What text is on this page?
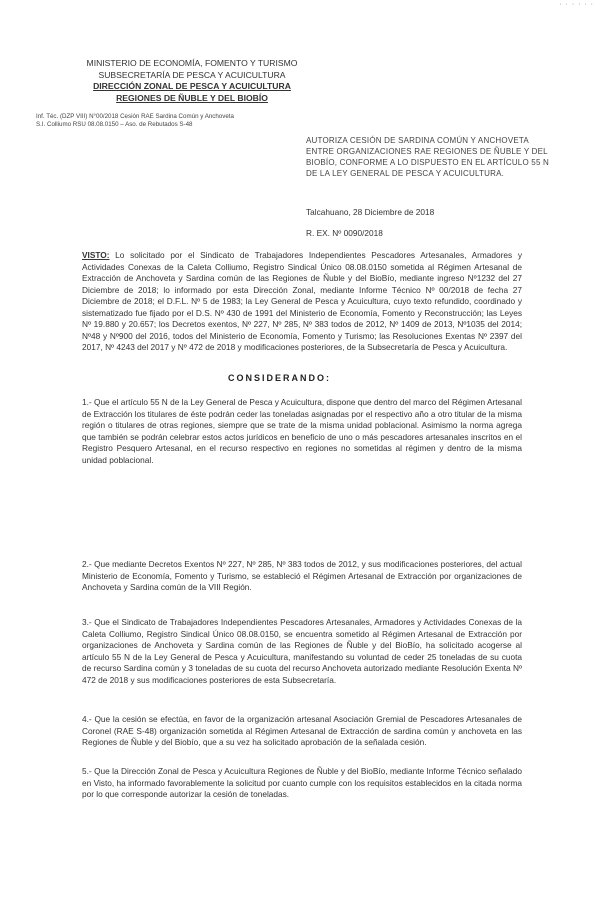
· · · · · ·
MINISTERIO DE ECONOMÍA, FOMENTO Y TURISMO
SUBSECRETARÍA DE PESCA Y ACUICULTURA
DIRECCIÓN ZONAL DE PESCA Y ACUICULTURA
REGIONES DE ÑUBLE Y DEL BIOBÍO
Inf. Téc. (DZP VIII) N°00/2018 Cesión RAE Sardina Común y Anchoveta
S.I. Colliumo RSU 08.08.0150 – Aso. de Rebutados S-48
AUTORIZA CESIÓN DE SARDINA COMÚN Y ANCHOVETA ENTRE ORGANIZACIONES RAE REGIONES DE ÑUBLE Y DEL BIOBÍO, CONFORME A LO DISPUESTO EN EL ARTÍCULO 55 N DE LA LEY GENERAL DE PESCA Y ACUICULTURA.
Talcahuano, 28 Diciembre de 2018
R. EX. Nº 0090/2018
VISTO: Lo solicitado por el Sindicato de Trabajadores Independientes Pescadores Artesanales, Armadores y Actividades Conexas de la Caleta Colliumo, Registro Sindical Único 08.08.0150 sometida al Régimen Artesanal de Extracción de Anchoveta y Sardina común de las Regiones de Ñuble y del BioBío, mediante ingreso Nº1232 del 27 Diciembre de 2018; lo informado por esta Dirección Zonal, mediante Informe Técnico Nº 00/2018 de fecha 27 Diciembre de 2018; el D.F.L. Nº 5 de 1983; la Ley General de Pesca y Acuicultura, cuyo texto refundido, coordinado y sistematizado fue fijado por el D.S. Nº 430 de 1991 del Ministerio de Economía, Fomento y Reconstrucción; las Leyes Nº 19.880 y 20.657; los Decretos exentos, Nº 227, Nº 285, Nº 383 todos de 2012, Nº 1409 de 2013, Nº1035 del 2014; Nº48 y Nº900 del 2016, todos del Ministerio de Economía, Fomento y Turismo; las Resoluciones Exentas Nº 2397 del 2017, Nº 4243 del 2017 y Nº 472 de 2018 y modificaciones posteriores, de la Subsecretaría de Pesca y Acuicultura.
CONSIDERANDO:
1.- Que el artículo 55 N de la Ley General de Pesca y Acuicultura, dispone que dentro del marco del Régimen Artesanal de Extracción los titulares de éste podrán ceder las toneladas asignadas por el respectivo año a otro titular de la misma región o titulares de otras regiones, siempre que se trate de la misma unidad poblacional. Asimismo la norma agrega que también se podrán celebrar estos actos jurídicos en beneficio de uno o más pescadores artesanales inscritos en el Registro Pesquero Artesanal, en el recurso respectivo en regiones no sometidas al régimen y dentro de la misma unidad poblacional.
2.- Que mediante Decretos Exentos Nº 227, Nº 285, Nº 383 todos de 2012, y sus modificaciones posteriores, del actual Ministerio de Economía, Fomento y Turismo, se estableció el Régimen Artesanal de Extracción por organizaciones de Anchoveta y Sardina común de la VIII Región.
3.- Que el Sindicato de Trabajadores Independientes Pescadores Artesanales, Armadores y Actividades Conexas de la Caleta Colliumo, Registro Sindical Único 08.08.0150, se encuentra sometido al Régimen Artesanal de Extracción por organizaciones de Anchoveta y Sardina común de las Regiones de Ñuble y del BioBío, ha solicitado acogerse al artículo 55 N de la Ley General de Pesca y Acuicultura, manifestando su voluntad de ceder 25 toneladas de su cuota de recurso Sardina común y 3 toneladas de su cuota del recurso Anchoveta autorizado mediante Resolución Exenta Nº 472 de 2018 y sus modificaciones posteriores de esta Subsecretaría.
4.- Que la cesión se efectúa, en favor de la organización artesanal Asociación Gremial de Pescadores Artesanales de Coronel (RAE S-48) organización sometida al Régimen Artesanal de Extracción de sardina común y anchoveta en las Regiones de Ñuble y del Biobío, que a su vez ha solicitado aprobación de la señalada cesión.
5.- Que la Dirección Zonal de Pesca y Acuicultura Regiones de Ñuble y del BioBío, mediante Informe Técnico señalado en Visto, ha informado favorablemente la solicitud por cuanto cumple con los requisitos establecidos en la citada norma por lo que corresponde autorizar la cesión de toneladas.
